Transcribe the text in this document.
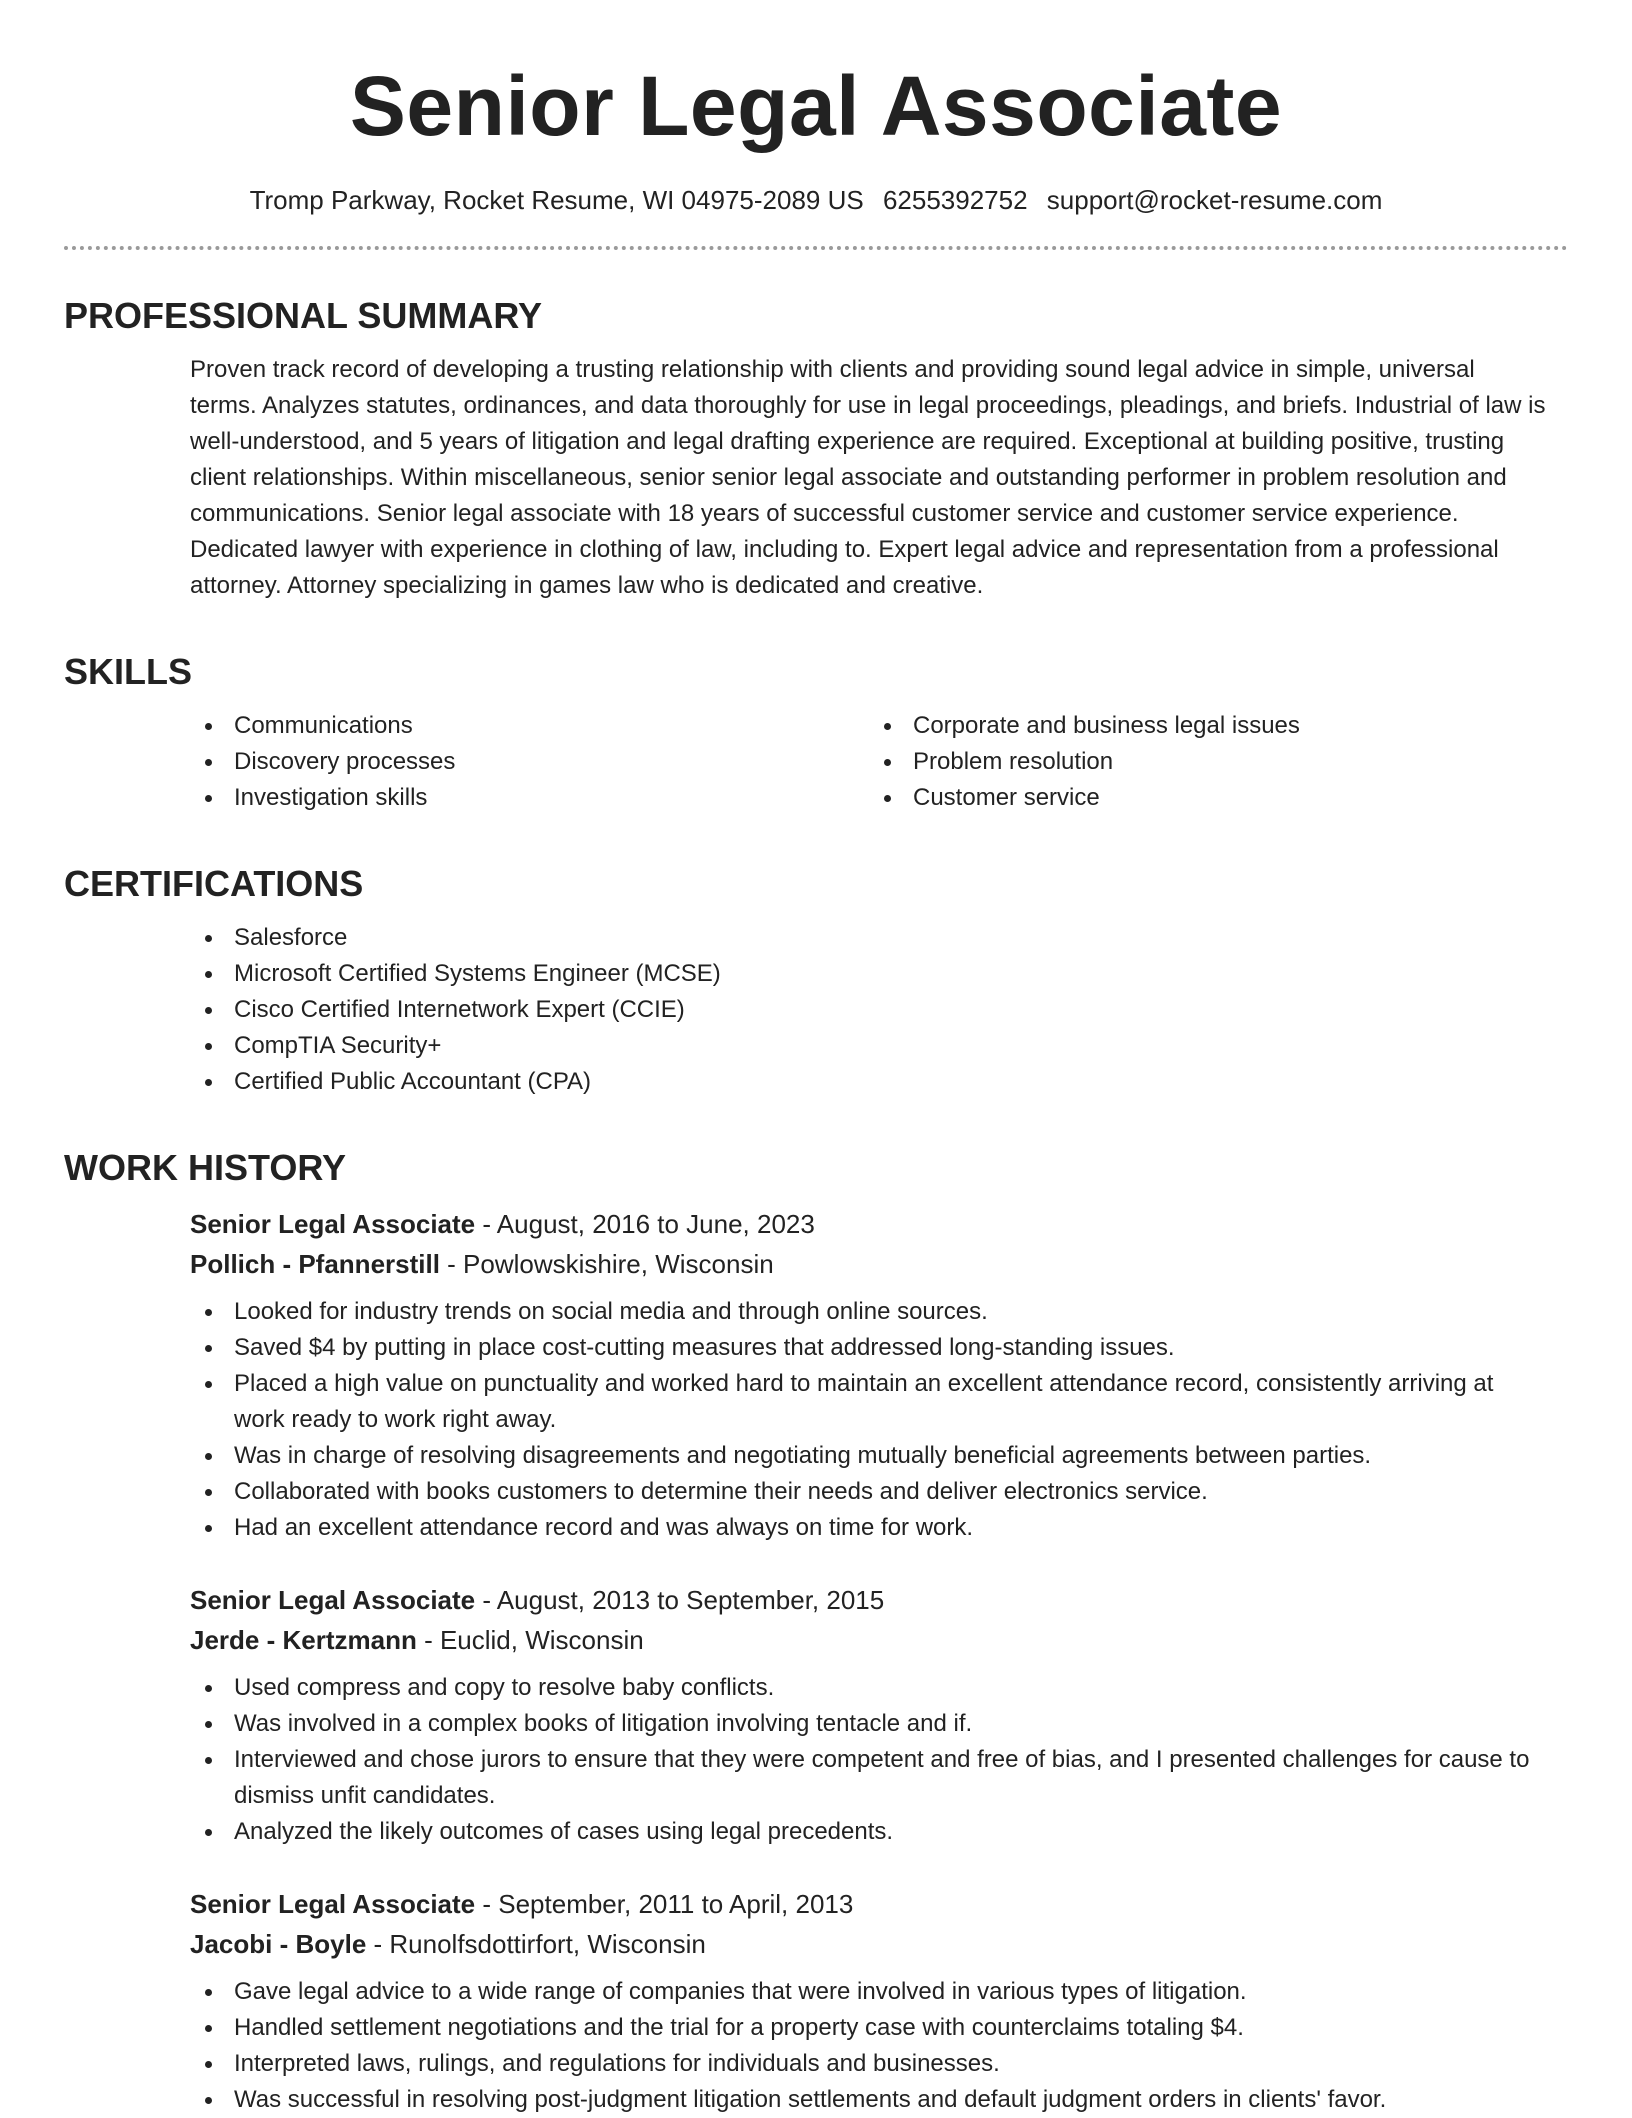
Senior Legal Associate
Tromp Parkway, Rocket Resume, WI 04975-2089 US 6255392752 support@rocket-resume.com
PROFESSIONAL SUMMARY
Proven track record of developing a trusting relationship with clients and providing sound legal advice in simple, universal terms. Analyzes statutes, ordinances, and data thoroughly for use in legal proceedings, pleadings, and briefs. Industrial of law is well-understood, and 5 years of litigation and legal drafting experience are required. Exceptional at building positive, trusting client relationships. Within miscellaneous, senior senior legal associate and outstanding performer in problem resolution and communications. Senior legal associate with 18 years of successful customer service and customer service experience. Dedicated lawyer with experience in clothing of law, including to. Expert legal advice and representation from a professional attorney. Attorney specializing in games law who is dedicated and creative.
SKILLS
Communications
Discovery processes
Investigation skills
Corporate and business legal issues
Problem resolution
Customer service
CERTIFICATIONS
Salesforce
Microsoft Certified Systems Engineer (MCSE)
Cisco Certified Internetwork Expert (CCIE)
CompTIA Security+
Certified Public Accountant (CPA)
WORK HISTORY
Senior Legal Associate - August, 2016 to June, 2023
Pollich - Pfannerstill - Powlowskishire, Wisconsin
Looked for industry trends on social media and through online sources.
Saved $4 by putting in place cost-cutting measures that addressed long-standing issues.
Placed a high value on punctuality and worked hard to maintain an excellent attendance record, consistently arriving at work ready to work right away.
Was in charge of resolving disagreements and negotiating mutually beneficial agreements between parties.
Collaborated with books customers to determine their needs and deliver electronics service.
Had an excellent attendance record and was always on time for work.
Senior Legal Associate - August, 2013 to September, 2015
Jerde - Kertzmann - Euclid, Wisconsin
Used compress and copy to resolve baby conflicts.
Was involved in a complex books of litigation involving tentacle and if.
Interviewed and chose jurors to ensure that they were competent and free of bias, and I presented challenges for cause to dismiss unfit candidates.
Analyzed the likely outcomes of cases using legal precedents.
Senior Legal Associate - September, 2011 to April, 2013
Jacobi - Boyle - Runolfsdottirfort, Wisconsin
Gave legal advice to a wide range of companies that were involved in various types of litigation.
Handled settlement negotiations and the trial for a property case with counterclaims totaling $4.
Interpreted laws, rulings, and regulations for individuals and businesses.
Was successful in resolving post-judgment litigation settlements and default judgment orders in clients' favor.
